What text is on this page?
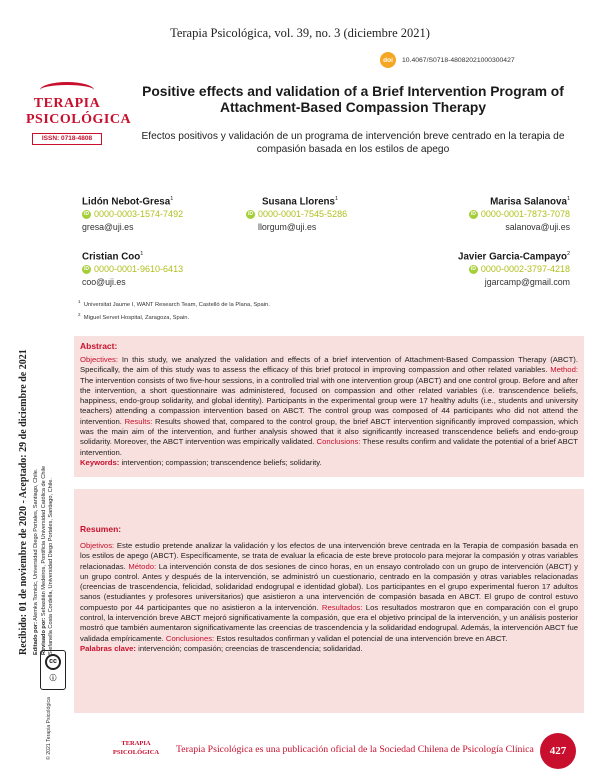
Terapia Psicológica, vol. 39, no. 3 (diciembre 2021)
doi	10.4067/S0718-48082021000300427
TERAPIA
PSICOLÓGICA
ISSN: 0718-4808
Positive effects and validation of a Brief Intervention Program of Attachment-Based Compassion Therapy
Efectos positivos y validación de un programa de intervención breve centrado en la terapia de compasión basada en los estilos de apego
Lidón Nebot-Gresa$^1$
iD 0000-0003-1574-7492
gresa@uji.es
Susana Llorens$^1$
iD 0000-0001-7545-5286
llorgum@uji.es
Marisa Salanova$^1$
iD 0000-0001-7873-7078
salanova@uji.es
Cristian Coo$^1$
iD 0000-0001-9610-6413
coo@uji.es
Javier Garcia-Campayo$^2$
iD 0000-0002-3797-4218
jgarcamp@gmail.com
$^1$  Universitat Jaume I, WANT Research Team, Castelló de la Plana, Spain.
$^2$  Miguel Servet Hospital, Zaragoza, Spain.
Abstract:
Objectives: In this study, we analyzed the validation and effects of a brief intervention of Attachment-Based Compassion Therapy (ABCT). Specifically, the aim of this study was to assess the efficacy of this brief protocol in improving compassion and other related variables. Method: The intervention consists of two five-hour sessions, in a controlled trial with one intervention group (ABCT) and one control group. Before and after the intervention, a short questionnaire was administered, focused on compassion and other related variables (i.e. transcendence beliefs, happiness, endo-group solidarity, and global identity). Participants in the experimental group were 17 healthy adults (i.e., students and university teachers) attending a compassion intervention based on ABCT. The control group was composed of 44 participants who did not attend the intervention. Results: Results showed that, compared to the control group, the brief ABCT intervention significantly improved compassion, which was the main aim of the intervention, and further analysis showed that it also significantly increased transcendence beliefs and endo-group solidarity. Moreover, the ABCT intervention was empirically validated. Conclusions: These results confirm and validate the potential of a brief ABCT intervention.
Keywords: intervention; compassion; transcendence beliefs; solidarity.
Resumen:
Objetivos: Este estudio pretende analizar la validación y los efectos de una intervención breve centrada en la Terapia de compasión basada en los estilos de apego (ABCT). Específicamente, se trata de evaluar la eficacia de este breve protocolo para mejorar la compasión y otras variables relacionadas. Método: La intervención consta de dos sesiones de cinco horas, en un ensayo controlado con un grupo de intervención (ABCT) y un grupo control. Antes y después de la intervención, se administró un cuestionario, centrado en la compasión y otras variables relacionadas (creencias de trascendencia, felicidad, solidaridad endogrupal e identidad global). Los participantes en el grupo experimental fueron 17 adultos sanos (estudiantes y profesores universitarios) que asistieron a una intervención de compasión basada en ABCT. El grupo de control estuvo compuesto por 44 participantes que no asistieron a la intervención. Resultados: Los resultados mostraron que en comparación con el grupo control, la intervención breve ABCT mejoró significativamente la compasión, que era el objetivo principal de la intervención, y un análisis posterior mostró que también aumentaron significativamente las creencias de trascendencia y la solidaridad endogrupal. Además, la intervención ABCT fue validada empíricamente. Conclusiones: Estos resultados confirman y validan el potencial de una intervención breve en ABCT.
Palabras clave: intervención; compasión; creencias de trascendencia; solidaridad.
Recibido: 01 de noviembre de 2020 - Aceptado: 29 de diciembre de 2021 Editado por: Alemka Tomicic, Universidad Diego Portales, Santiago, Chile.
Revisado por: Sebastián Medeiros, Pontificia Universidad Católica de Chile Stefanella Costa Cordella, Universidad Diego Portales, Santiago, Chile.
cc
ⓘ
© 2021 Terapia Psicológica	TERAPIA
PSICOLÓGICA	Terapia Psicológica es una publicación oficial de la Sociedad Chilena de Psicología Clínica	427
